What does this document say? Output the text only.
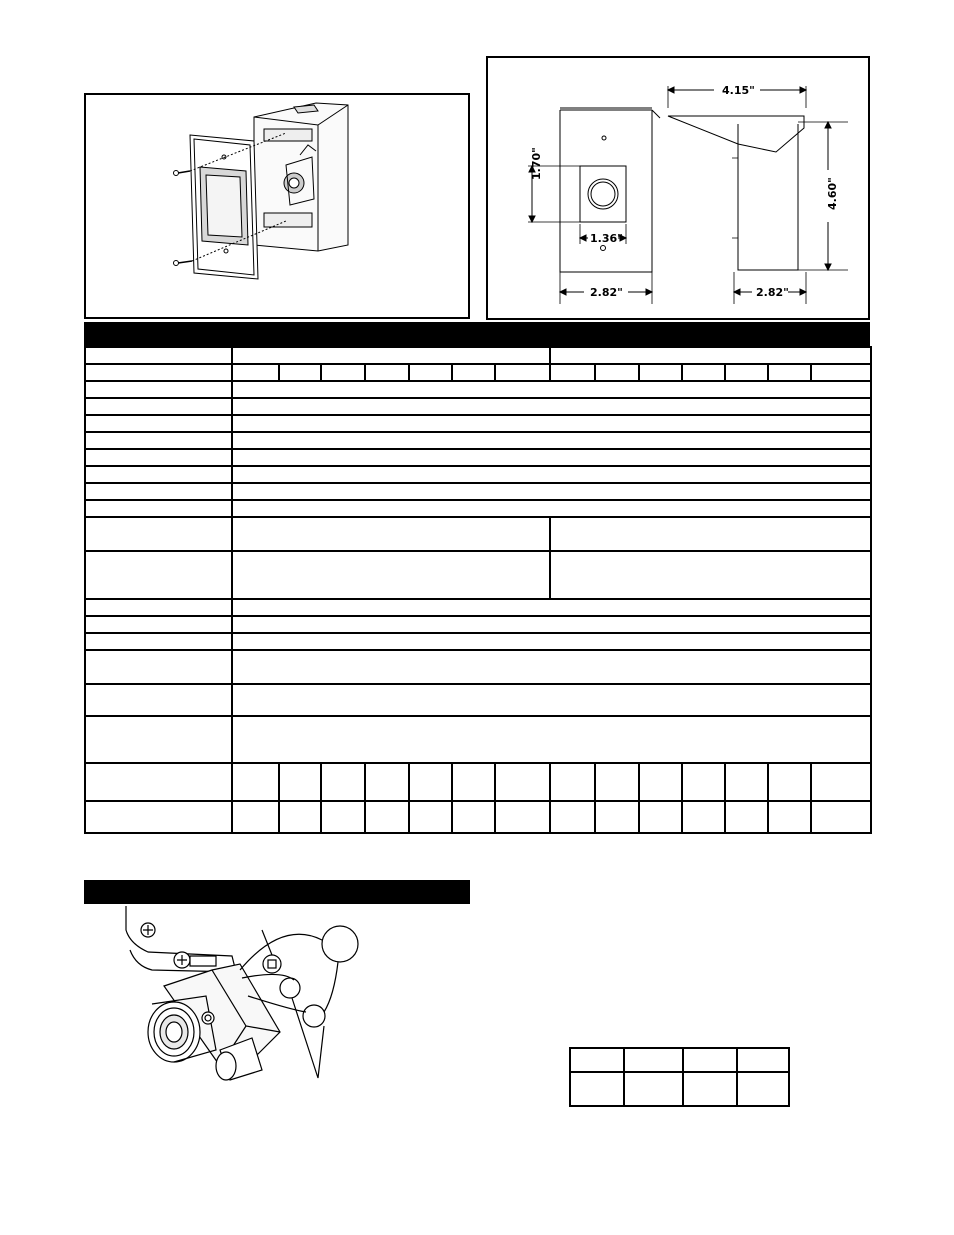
4.15"
1.70"
4.60"
1.36"
2.82"	2.82"
